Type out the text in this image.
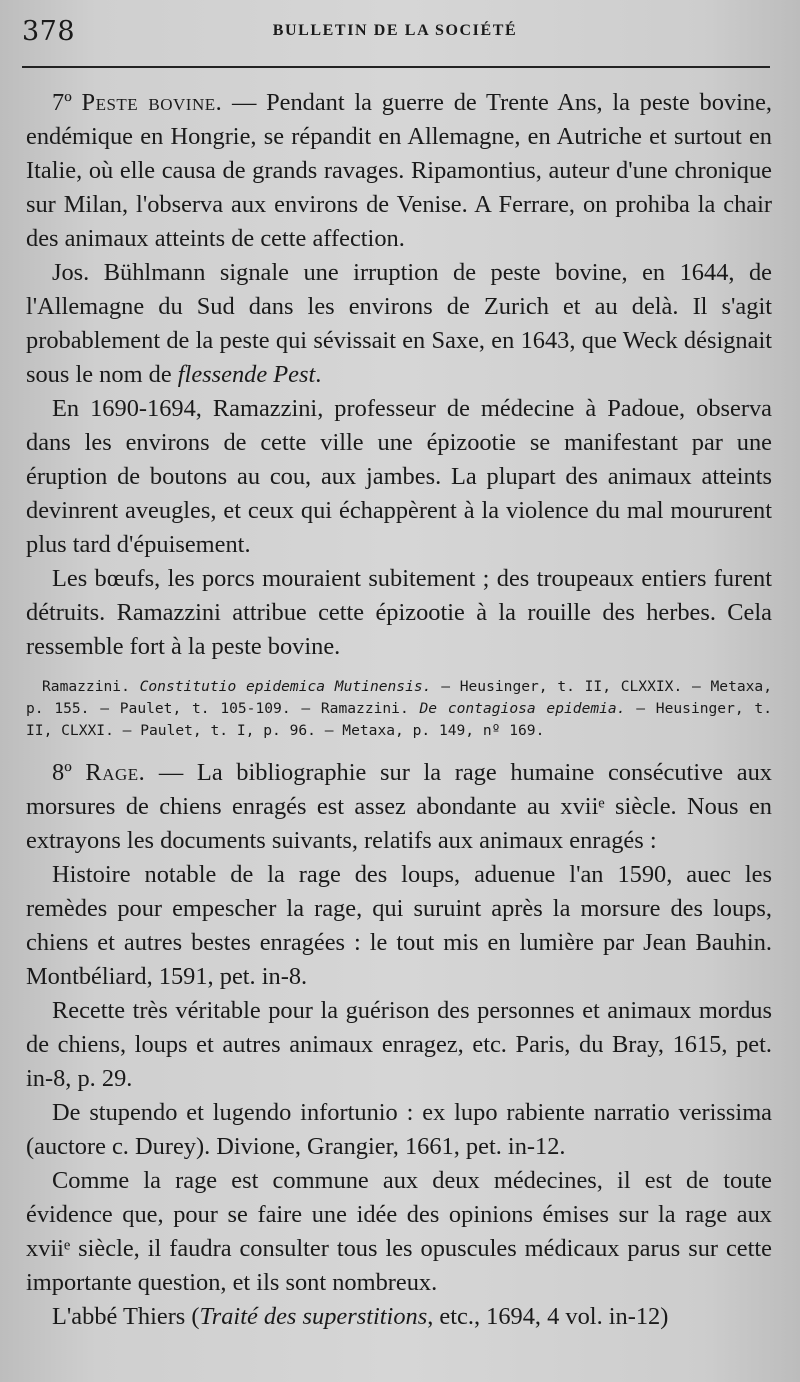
378	BULLETIN DE LA SOCIÉTÉ

7º Peste bovine. — Pendant la guerre de Trente Ans, la peste bovine, endémique en Hongrie, se répandit en Allemagne, en Autriche et surtout en Italie, où elle causa de grands ravages. Ripamontius, auteur d'une chronique sur Milan, l'observa aux environs de Venise. A Ferrare, on prohiba la chair des animaux atteints de cette affection.

Jos. Bühlmann signale une irruption de peste bovine, en 1644, de l'Allemagne du Sud dans les environs de Zurich et au delà. Il s'agit probablement de la peste qui sévissait en Saxe, en 1643, que Weck désignait sous le nom de flessende Pest.

En 1690-1694, Ramazzini, professeur de médecine à Padoue, observa dans les environs de cette ville une épizootie se manifestant par une éruption de boutons au cou, aux jambes. La plupart des animaux atteints devinrent aveugles, et ceux qui échappèrent à la violence du mal moururent plus tard d'épuisement.

Les bœufs, les porcs mouraient subitement ; des troupeaux entiers furent détruits. Ramazzini attribue cette épizootie à la rouille des herbes. Cela ressemble fort à la peste bovine.

Ramazzini. Constitutio epidemica Mutinensis. — Heusinger, t. II, CLXXIX. — Metaxa, p. 155. — Paulet, t. 105-109. — Ramazzini. De contagiosa epidemia. — Heusinger, t. II, CLXXI. — Paulet, t. I, p. 96. — Metaxa, p. 149, nº 169.

8º Rage. — La bibliographie sur la rage humaine consécutive aux morsures de chiens enragés est assez abondante au xviiᵉ siècle. Nous en extrayons les documents suivants, relatifs aux animaux enragés :

Histoire notable de la rage des loups, aduenue l'an 1590, auec les remèdes pour empescher la rage, qui suruint après la morsure des loups, chiens et autres bestes enragées : le tout mis en lumière par Jean Bauhin. Montbéliard, 1591, pet. in-8.

Recette très véritable pour la guérison des personnes et animaux mordus de chiens, loups et autres animaux enragez, etc. Paris, du Bray, 1615, pet. in-8, p. 29.

De stupendo et lugendo infortunio : ex lupo rabiente narratio verissima (auctore c. Durey). Divione, Grangier, 1661, pet. in-12.

Comme la rage est commune aux deux médecines, il est de toute évidence que, pour se faire une idée des opinions émises sur la rage aux xviiᵉ siècle, il faudra consulter tous les opuscules médicaux parus sur cette importante question, et ils sont nombreux.

L'abbé Thiers (Traité des superstitions, etc., 1694, 4 vol. in-12)
